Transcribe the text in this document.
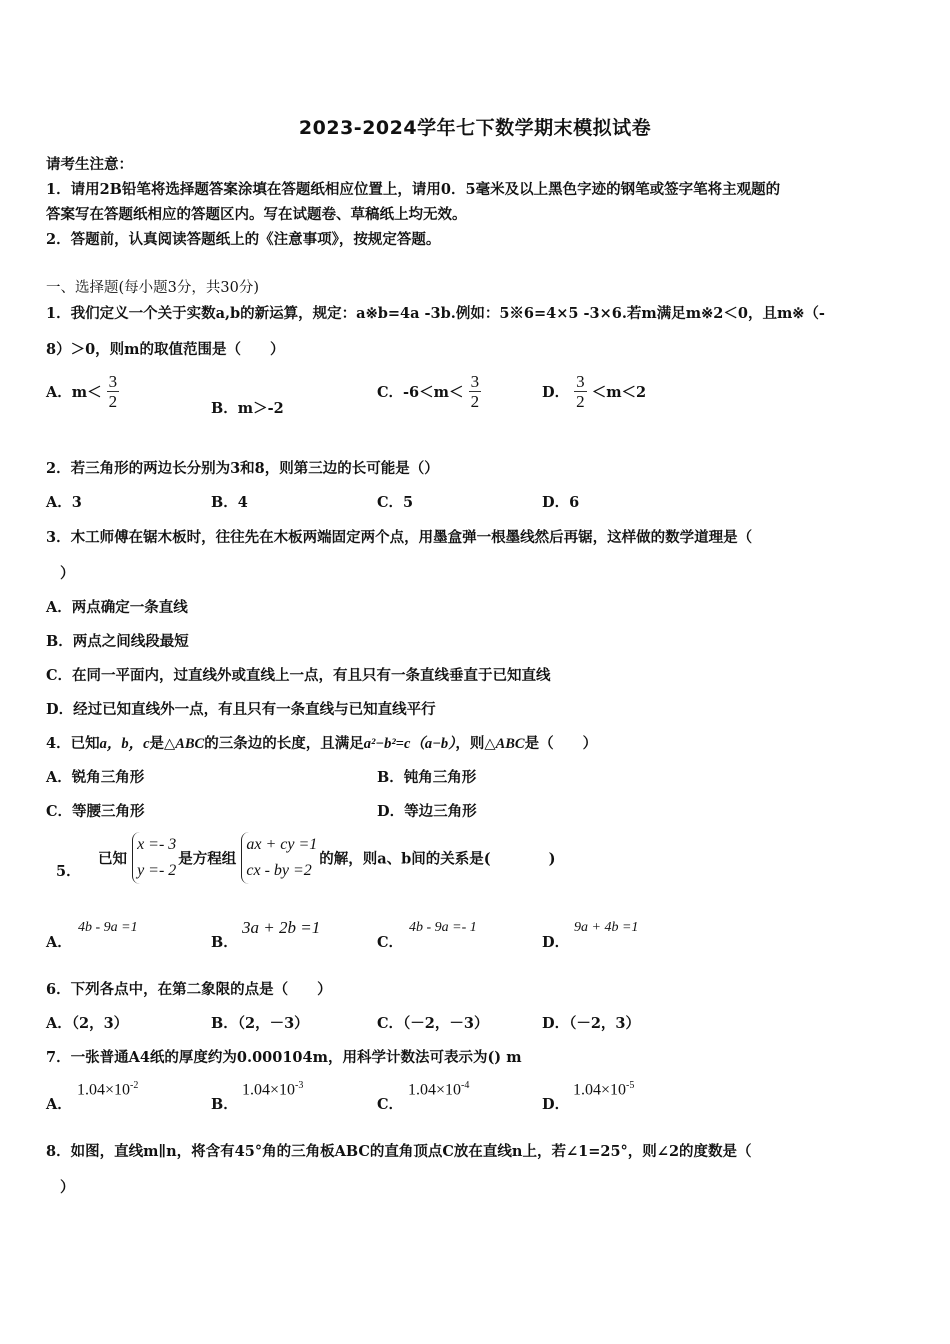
2023-2024学年七下数学期末模拟试卷
请考生注意：
1．请用2B铅笔将选择题答案涂填在答题纸相应位置上，请用0．5毫米及以上黑色字迹的钢笔或签字笔将主观题的
答案写在答题纸相应的答题区内。写在试题卷、草稿纸上均无效。
2．答题前，认真阅读答题纸上的《注意事项》，按规定答题。
一、选择题(每小题3分，共30分)
1．我们定义一个关于实数a,b的新运算，规定：a※b=4a -3b.例如：5※6=4×5 -3×6.若m满足m※2＜0，且m※（-
8）＞0，则m的取值范围是（　　）
A．$m< \frac{3}{2}$	B．m＞-2
C．$-6<m< \frac{3}{2}$	D． $\frac{3}{2} <m<2$
2．若三角形的两边长分别为3和8，则第三边的长可能是（）
A．3	B．4	C．5	D．6
3．木工师傅在锯木板时，往往先在木板两端固定两个点，用墨盒弹一根墨线然后再锯，这样做的数学道理是（
）
A．两点确定一条直线
B．两点之间线段最短
C．在同一平面内，过直线外或直线上一点，有且只有一条直线垂直于已知直线
D．经过已知直线外一点，有且只有一条直线与已知直线平行
4．已知a，b，c是△ABC的三条边的长度，且满足a²−b²=c（a−b），则△ABC是（　　）
A．锐角三角形	B．钝角三角形
C．等腰三角形	D．等边三角形
5．
已知
x =- 3
y =- 2
是方程组
ax + cy =1
cx - by =2
的解，则a、b间的关系是(　　　　)
A．
4b - 9a =1
B．
3a + 2b =1
C．
4b - 9a =- 1
D．
9a + 4b =1
6．下列各点中，在第二象限的点是（　　）
A．（2，3）	B．（2，－3）	C．（－2，－3）	D．（－2，3）
7．一张普通A4纸的厚度约为0.000104m，用科学计数法可表示为() m
A．
$1.04\times 10^{-2}$
B．
$1.04\times 10^{-3}$
C．
$1.04\times 10^{-4}$
D．
$1.04\times 10^{-5}$
8．如图，直线m∥n，将含有45°角的三角板ABC的直角顶点C放在直线n上，若∠1=25°，则∠2的度数是（
）
